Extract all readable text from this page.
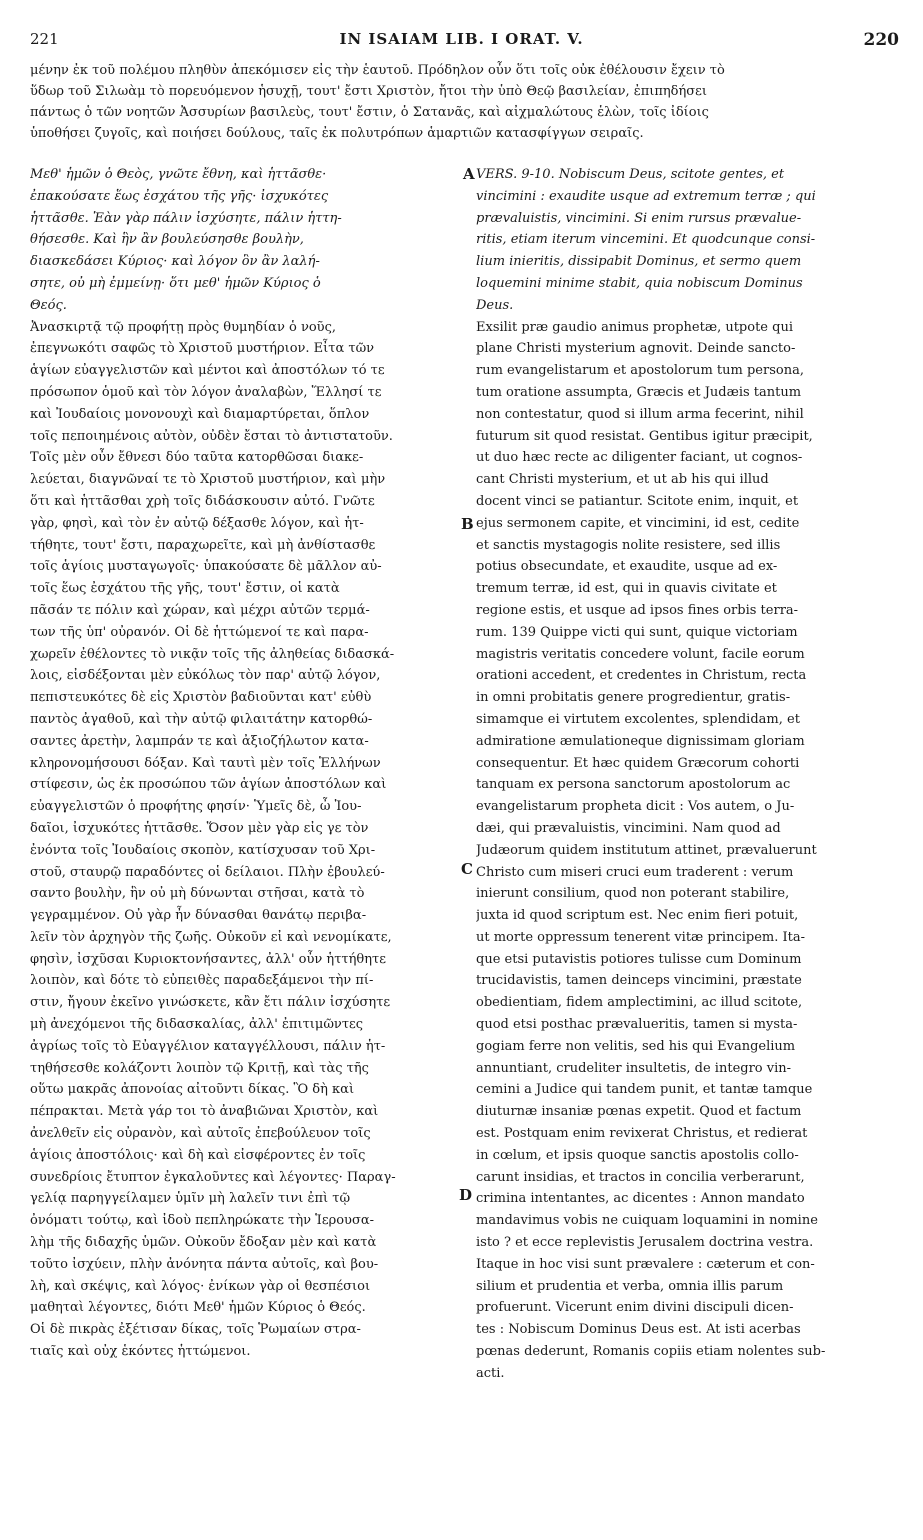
221	IN ISAIAM LIB. I ORAT. V.	220
μένην ἐκ τοῦ πολέμου πληθὺν ἀπεκόμισεν εἰς τὴν ἑαυτοῦ. Πρόδηλον οὖν ὅτι τοῖς οὐκ ἐθέλουσιν ἔχειν τὸ
ὕδωρ τοῦ Σιλωὰμ τὸ πορευόμενον ἡσυχῇ, τουτ' ἔστι Χριστὸν, ἤτοι τὴν ὑπὸ Θεῷ βασιλείαν, ἐπιπηδήσει
πάντως ὁ τῶν νοητῶν Ἀσσυρίων βασιλεὺς, τουτ' ἔστιν, ὁ Σατανᾶς, καὶ αἰχμαλώτους ἑλὼν, τοῖς ἰδίοις
ὑποθήσει ζυγοῖς, καὶ ποιήσει δούλους, ταῖς ἐκ πολυτρόπων ἁμαρτιῶν κατασφίγγων σειραῖς.
Μεθ' ἡμῶν ὁ Θεὸς, γνῶτε ἔθνη, καὶ ἡττᾶσθε·
ἐπακούσατε ἕως ἐσχάτου τῆς γῆς· ἰσχυκότες
ἡττᾶσθε. Ἐὰν γὰρ πάλιν ἰσχύσητε, πάλιν ἡττη-
θήσεσθε. Καὶ ἣν ἂν βουλεύσησθε βουλὴν,
διασκεδάσει Κύριος· καὶ λόγον ὃν ἂν λαλή-
σητε, οὐ μὴ ἐμμείνῃ· ὅτι μεθ' ἡμῶν Κύριος ὁ
Θεός.
Ἀνασκιρτᾷ τῷ προφήτῃ πρὸς θυμηδίαν ὁ νοῦς,
ἐπεγνωκότι σαφῶς τὸ Χριστοῦ μυστήριον. Εἶτα τῶν
ἁγίων εὐαγγελιστῶν καὶ μέντοι καὶ ἀποστόλων τό τε
πρόσωπον ὁμοῦ καὶ τὸν λόγον ἀναλαβὼν, Ἕλλησί τε
καὶ Ἰουδαίοις μονονουχὶ καὶ διαμαρτύρεται, ὅπλον
τοῖς πεποιημένοις αὐτὸν, οὐδὲν ἔσται τὸ ἀντιστατοῦν.
Τοῖς μὲν οὖν ἔθνεσι δύο ταῦτα κατορθῶσαι διακε-
λεύεται, διαγνῶναί τε τὸ Χριστοῦ μυστήριον, καὶ μὴν
ὅτι καὶ ἡττᾶσθαι χρὴ τοῖς διδάσκουσιν αὐτό. Γνῶτε
γὰρ, φησὶ, καὶ τὸν ἐν αὐτῷ δέξασθε λόγον, καὶ ἡτ-
τήθητε, τουτ' ἔστι, παραχωρεῖτε, καὶ μὴ ἀνθίστασθε
τοῖς ἁγίοις μυσταγωγοῖς· ὑπακούσατε δὲ μᾶλλον αὐ-
τοῖς ἕως ἐσχάτου τῆς γῆς, τουτ' ἔστιν, οἱ κατὰ
πᾶσάν τε πόλιν καὶ χώραν, καὶ μέχρι αὐτῶν τερμά-
των τῆς ὑπ' οὐρανόν. Οἱ δὲ ἡττώμενοί τε καὶ παρα-
χωρεῖν ἐθέλοντες τὸ νικᾷν τοῖς τῆς ἀληθείας διδασκά-
λοις, εἰσδέξονται μὲν εὐκόλως τὸν παρ' αὐτῷ λόγον,
πεπιστευκότες δὲ εἰς Χριστὸν βαδιοῦνται κατ' εὐθὺ
παντὸς ἀγαθοῦ, καὶ τὴν αὐτῷ φιλαιτάτην κατορθώ-
σαντες ἀρετὴν, λαμπράν τε καὶ ἀξιοζήλωτον κατα-
κληρονομήσουσι δόξαν. Καὶ ταυτὶ μὲν τοῖς Ἑλλήνων
στίφεσιν, ὡς ἐκ προσώπου τῶν ἁγίων ἀποστόλων καὶ
εὐαγγελιστῶν ὁ προφήτης φησίν· Ὑμεῖς δὲ, ὦ Ἰου-
δαῖοι, ἰσχυκότες ἡττᾶσθε. Ὅσον μὲν γὰρ εἰς γε τὸν
ἐνόντα τοῖς Ἰουδαίοις σκοπὸν, κατίσχυσαν τοῦ Χρι-
στοῦ, σταυρῷ παραδόντες οἱ δείλαιοι. Πλὴν ἐβουλεύ-
σαντο βουλὴν, ἣν οὐ μὴ δύνωνται στῆσαι, κατὰ τὸ
γεγραμμένον. Οὐ γὰρ ἦν δύνασθαι θανάτῳ περιβα-
λεῖν τὸν ἀρχηγὸν τῆς ζωῆς. Οὐκοῦν εἰ καὶ νενομίκατε,
φησὶν, ἰσχῦσαι Κυριοκτονήσαντες, ἀλλ' οὖν ἡττήθητε
λοιπὸν, καὶ δότε τὸ εὐπειθὲς παραδεξάμενοι τὴν πί-
στιν, ἤγουν ἐκεῖνο γινώσκετε, κἂν ἔτι πάλιν ἰσχύσητε
μὴ ἀνεχόμενοι τῆς διδασκαλίας, ἀλλ' ἐπιτιμῶντες
ἀγρίως τοῖς τὸ Εὐαγγέλιον καταγγέλλουσι, πάλιν ἡτ-
τηθήσεσθε κολάζοντι λοιπὸν τῷ Κριτῇ, καὶ τὰς τῆς
οὕτω μακρᾶς ἀπονοίας αἰτοῦντι δίκας. Ὃ δὴ καὶ
πέπρακται. Μετὰ γάρ τοι τὸ ἀναβιῶναι Χριστὸν, καὶ
ἀνελθεῖν εἰς οὐρανὸν, καὶ αὐτοῖς ἐπεβούλευον τοῖς
ἁγίοις ἀποστόλοις· καὶ δὴ καὶ εἰσφέροντες ἐν τοῖς
συνεδρίοις ἔτυπτον ἐγκαλοῦντες καὶ λέγοντες· Παραγ-
γελίᾳ παρηγγείλαμεν ὑμῖν μὴ λαλεῖν τινι ἐπὶ τῷ
ὀνόματι τούτῳ, καὶ ἰδοὺ πεπληρώκατε τὴν Ἱερουσα-
λὴμ τῆς διδαχῆς ὑμῶν. Οὐκοῦν ἔδοξαν μὲν καὶ κατὰ
τοῦτο ἰσχύειν, πλὴν ἀνόνητα πάντα αὐτοῖς, καὶ βου-
λὴ, καὶ σκέψις, καὶ λόγος· ἐνίκων γὰρ οἱ θεσπέσιοι
μαθηταὶ λέγοντες, διότι Μεθ' ἡμῶν Κύριος ὁ Θεός.
Οἱ δὲ πικρὰς ἐξέτισαν δίκας, τοῖς Ῥωμαίων στρα-
τιαῖς καὶ οὐχ ἑκόντες ἡττώμενοι.
VERS. 9-10. Nobiscum Deus, scitote gentes, et
vincimini : exaudite usque ad extremum terræ ; qui
prævaluistis, vincimini. Si enim rursus prævalue-
ritis, etiam iterum vincemini. Et quodcunque consi-
lium inieritis, dissipabit Dominus, et sermo quem
loquemini minime stabit, quia nobiscum Dominus
Deus.
Exsilit præ gaudio animus prophetæ, utpote qui
plane Christi mysterium agnovit. Deinde sancto-
rum evangelistarum et apostolorum tum persona,
tum oratione assumpta, Græcis et Judæis tantum
non contestatur, quod si illum arma fecerint, nihil
futurum sit quod resistat. Gentibus igitur præcipit,
ut duo hæc recte ac diligenter faciant, ut cognos-
cant Christi mysterium, et ut ab his qui illud
docent vinci se patiantur. Scitote enim, inquit, et
ejus sermonem capite, et vincimini, id est, cedite
et sanctis mystagogis nolite resistere, sed illis
potius obsecundate, et exaudite, usque ad ex-
tremum terræ, id est, qui in quavis civitate et
regione estis, et usque ad ipsos fines orbis terra-
rum. 139 Quippe victi qui sunt, quique victoriam
magistris veritatis concedere volunt, facile eorum
orationi accedent, et credentes in Christum, recta
in omni probitatis genere progredientur, gratis-
simamque ei virtutem excolentes, splendidam, et
admiratione æmulationeque dignissimam gloriam
consequentur. Et hæc quidem Græcorum cohorti
tanquam ex persona sanctorum apostolorum ac
evangelistarum propheta dicit : Vos autem, o Ju-
dæi, qui prævaluistis, vincimini. Nam quod ad
Judæorum quidem institutum attinet, prævaluerunt
Christo cum miseri cruci eum traderent : verum
inierunt consilium, quod non poterant stabilire,
juxta id quod scriptum est. Nec enim fieri potuit,
ut morte oppressum tenerent vitæ principem. Ita-
que etsi putavistis potiores tulisse cum Dominum
trucidavistis, tamen deinceps vincimini, præstate
obedientiam, fidem amplectimini, ac illud scitote,
quod etsi posthac prævalueritis, tamen si mysta-
gogiam ferre non velitis, sed his qui Evangelium
annuntiant, crudeliter insultetis, de integro vin-
cemini a Judice qui tandem punit, et tantæ tamque
diuturnæ insaniæ pœnas expetit. Quod et factum
est. Postquam enim revixerat Christus, et redierat
in cœlum, et ipsis quoque sanctis apostolis collo-
carunt insidias, et tractos in concilia verberarunt,
crimina intentantes, ac dicentes : Annon mandato
mandavimus vobis ne cuiquam loquamini in nomine
isto ? et ecce replevistis Jerusalem doctrina vestra.
Itaque in hoc visi sunt prævalere : cæterum et con-
silium et prudentia et verba, omnia illis parum
profuerunt. Vicerunt enim divini discipuli dicen-
tes : Nobiscum Dominus Deus est. At isti acerbas
pœnas dederunt, Romanis copiis etiam nolentes sub-
acti.
A
B
C
D
